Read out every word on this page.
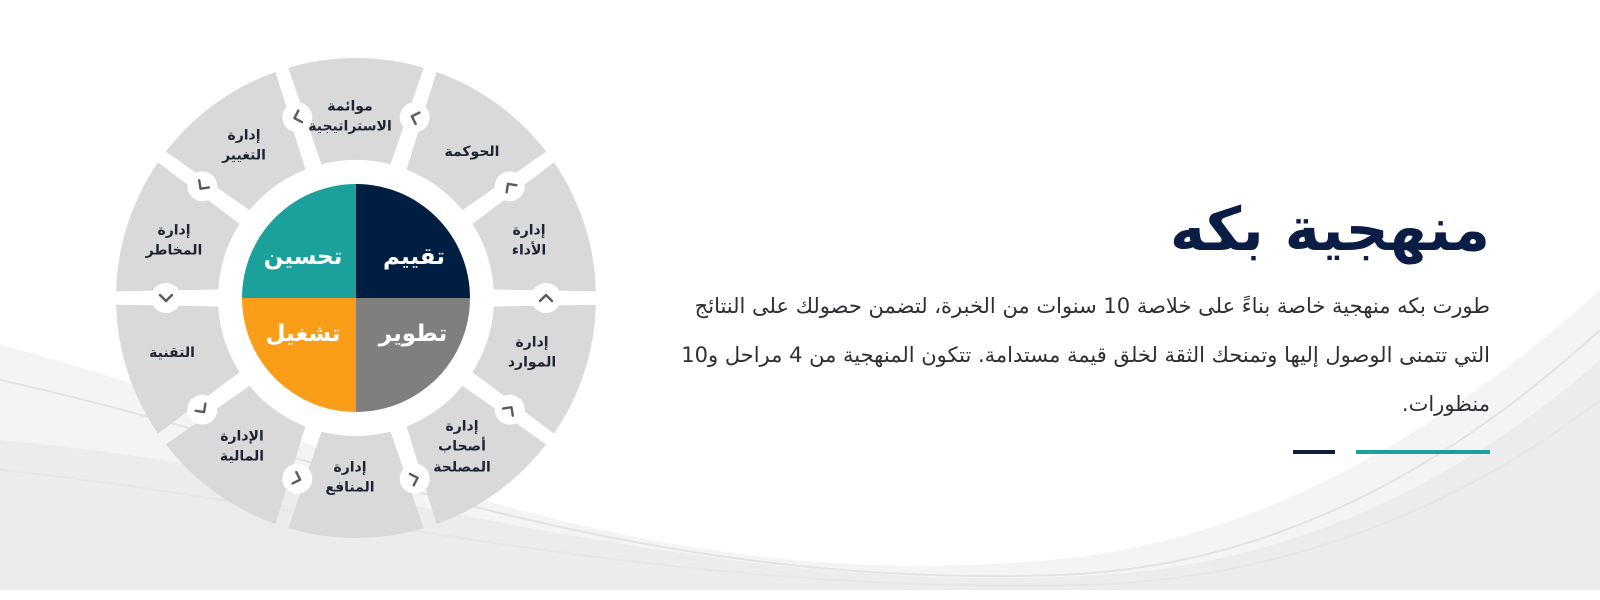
تقييم
تطوير
تشغيل
تحسين
الحوكمة
إدارة
الأداء
إدارة
الموارد
إدارة
أصحاب
المصلحة
إدارة
المنافع
الإدارة
المالية
التقنية
إدارة
المخاطر
إدارة
التغيير
موائمة
الاستراتيجية
منهجية بكه
طورت بكه منهجية خاصة بناءً على خلاصة 10 سنوات من الخبرة، لتضمن حصولك على النتائج التي تتمنى الوصول إليها وتمنحك الثقة لخلق قيمة مستدامة. تتكون المنهجية من 4 مراحل و10 منظورات.
